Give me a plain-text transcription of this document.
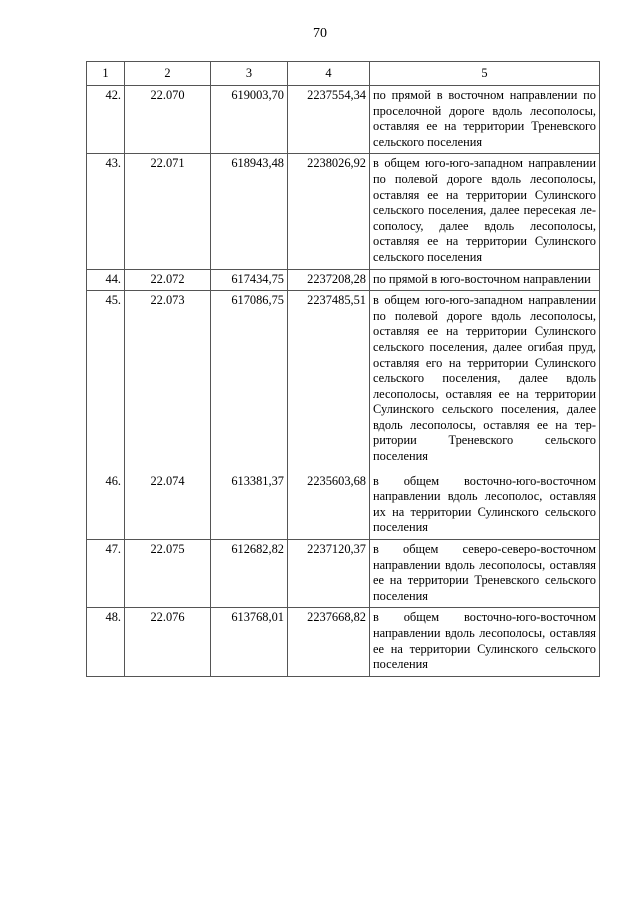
70
1	2	3	4	5
42.	22.070	619003,70	2237554,34	по прямой в восточном направлении по проселочной дороге вдоль лесополосы, оставляя ее на территории Треневского сельского поселения
43.	22.071	618943,48	2238026,92	в общем юго-юго-западном направлении по полевой дороге вдоль лесополосы, оставляя ее на территории Сулинского сельского поселения, далее пересекая лесополосу, далее вдоль лесополосы, оставляя ее на территории Сулинского сельского поселения
44.	22.072	617434,75	2237208,28	по прямой в юго-восточном направлении
45.	22.073	617086,75	2237485,51	в общем юго-юго-западном направлении по полевой дороге вдоль лесополосы, оставляя ее на территории Сулинского сельского поселения, далее огибая пруд, оставляя его на территории Сулинского сельского поселения, далее вдоль лесополосы, оставляя ее на территории Сулинского сельского поселения, далее вдоль лесополосы, оставляя ее на территории Треневского сельского поселения
46.	22.074	613381,37	2235603,68	в общем восточно-юго-восточном направлении вдоль лесополос, оставляя их на территории Сулинского сельского поселения
47.	22.075	612682,82	2237120,37	в общем северо-северо-восточном направлении вдоль лесополосы, оставляя ее на территории Треневского сельского поселения
48.	22.076	613768,01	2237668,82	в общем восточно-юго-восточном направлении вдоль лесополосы, оставляя ее на территории Сулинского сельского поселения
